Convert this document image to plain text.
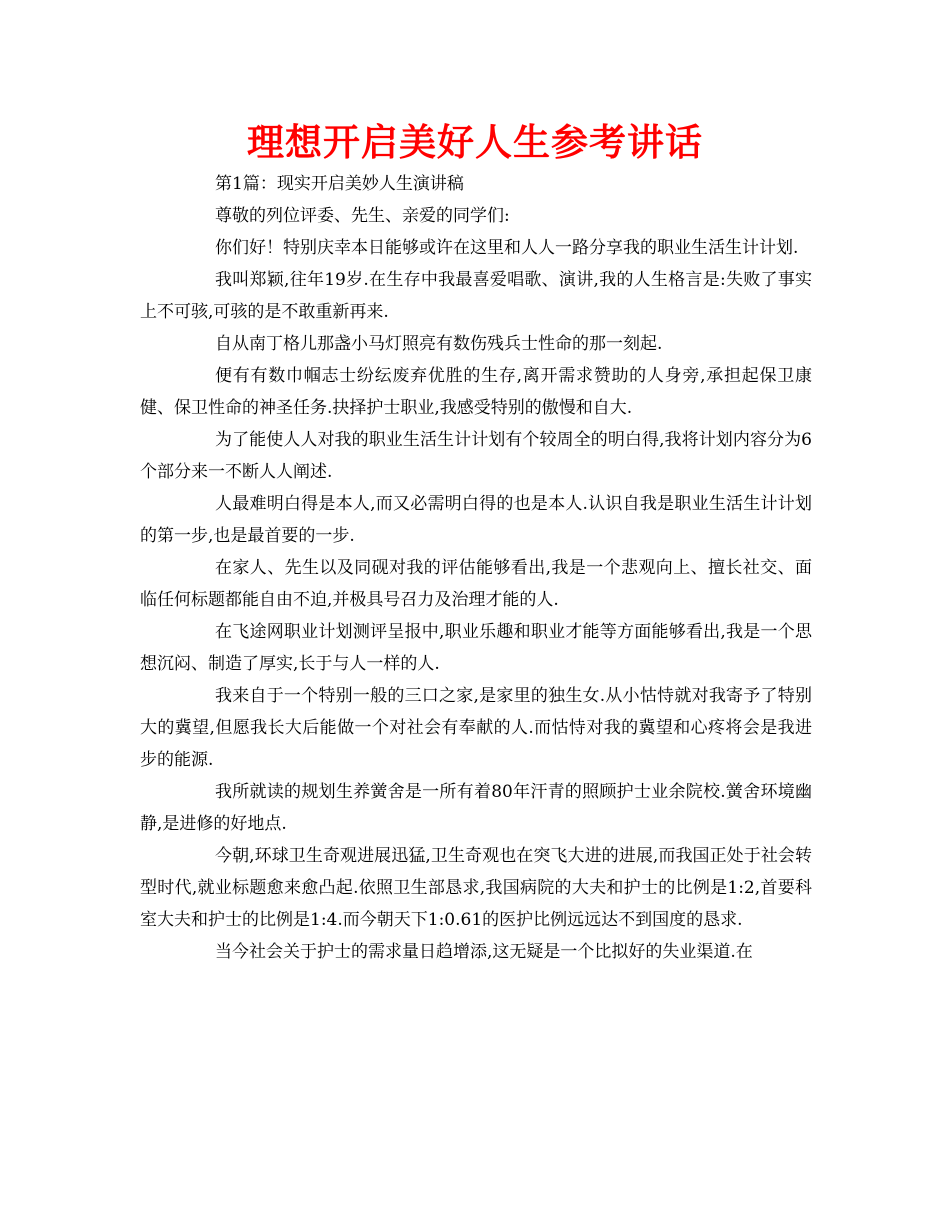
理想开启美好人生参考讲话

第1篇：现实开启美妙人生演讲稿

尊敬的列位评委、先生、亲爱的同学们:

你们好！特别庆幸本日能够或许在这里和人人一路分享我的职业生活生计计划.

我叫郑颖,往年19岁.在生存中我最喜爱唱歌、演讲,我的人生格言是:失败了事实上不可骇,可骇的是不敢重新再来.

自从南丁格儿那盏小马灯照亮有数伤残兵士性命的那一刻起.

便有有数巾帼志士纷纭废弃优胜的生存,离开需求赞助的人身旁,承担起保卫康健、保卫性命的神圣任务.抉择护士职业,我感受特别的傲慢和自大.

为了能使人人对我的职业生活生计计划有个较周全的明白得,我将计划内容分为6个部分来一不断人人阐述.

人最难明白得是本人,而又必需明白得的也是本人.认识自我是职业生活生计计划的第一步,也是最首要的一步.

在家人、先生以及同砚对我的评估能够看出,我是一个悲观向上、擅长社交、面临任何标题都能自由不迫,并极具号召力及治理才能的人.

在飞途网职业计划测评呈报中,职业乐趣和职业才能等方面能够看出,我是一个思想沉闷、制造了厚实,长于与人一样的人.

我来自于一个特别一般的三口之家,是家里的独生女.从小怙恃就对我寄予了特别大的冀望,但愿我长大后能做一个对社会有奉献的人.而怙恃对我的冀望和心疼将会是我进步的能源.

我所就读的规划生养黉舍是一所有着80年汗青的照顾护士业余院校.黉舍环境幽静,是进修的好地点.

今朝,环球卫生奇观进展迅猛,卫生奇观也在突飞大进的进展,而我国正处于社会转型时代,就业标题愈来愈凸起.依照卫生部恳求,我国病院的大夫和护士的比例是1:2,首要科室大夫和护士的比例是1:4.而今朝天下1:0.61的医护比例远远达不到国度的恳求.

当今社会关于护士的需求量日趋增添,这无疑是一个比拟好的失业渠道.在
